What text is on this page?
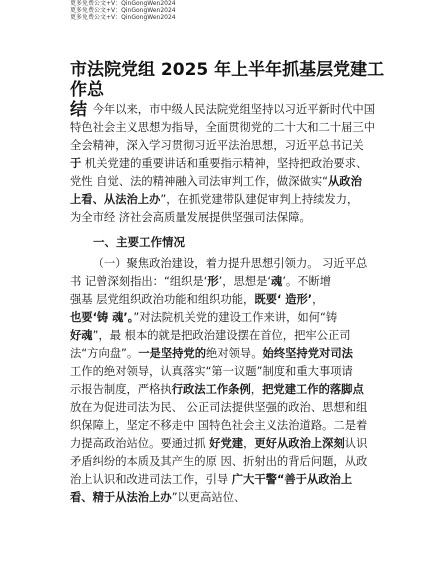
更多免费公文+V：QinGongWen2024
更多免费公文+V：QinGongWen2024
更多免费公文+V：QinGongWen2024
市法院党组 2025 年上半年抓基层党建工作总
结 今年以来，市中级人民法院党组坚持以习近平新时代中国
特色社会主义思想为指导，全面贯彻党的二十大和二十届三中
全会精神，深入学习贯彻习近平法治思想，习近平总书记关
于 机关党建的重要讲话和重要指示精神，坚持把政治要求、
党性 自觉、法的精神融入司法审判工作，做深做实“从政治
上看、从法治上办”，在抓党建带队建促审判上持续发力，
为全市经 济社会高质量发展提供坚强司法保障。
一、主要工作情况
（一）聚焦政治建设，着力提升思想引领力。 习近平总
书 记曾深刻指出：“组织是‘形’，思想是‘魂’。不断增
强基 层党组织政治功能和组织功能，既要‘ 造形’，
也要‘铸 魂’。”对法院机关党的建设工作来讲，如何“铸
好魂”，最 根本的就是把政治建设摆在首位，把牢公正司
法“方向盘”。一是坚持党的绝对领导。始终坚持党对司法
工作的绝对领导，认真落实“第一议题”制度和重大事项请
示报告制度，严格执行政法工作条例，把党建工作的落脚点
放在为促进司法为民、 公正司法提供坚强的政治、思想和组
织保障上，坚定不移走中 国特色社会主义法治道路。二是着
力提高政治站位。要通过抓 好党建，更好从政治上深刻认识
矛盾纠纷的本质及其产生的原 因、折射出的背后问题，从政
治上认识和改进司法工作，引导 广大干警“善于从政治上
看、精于从法治上办”以更高站位、
